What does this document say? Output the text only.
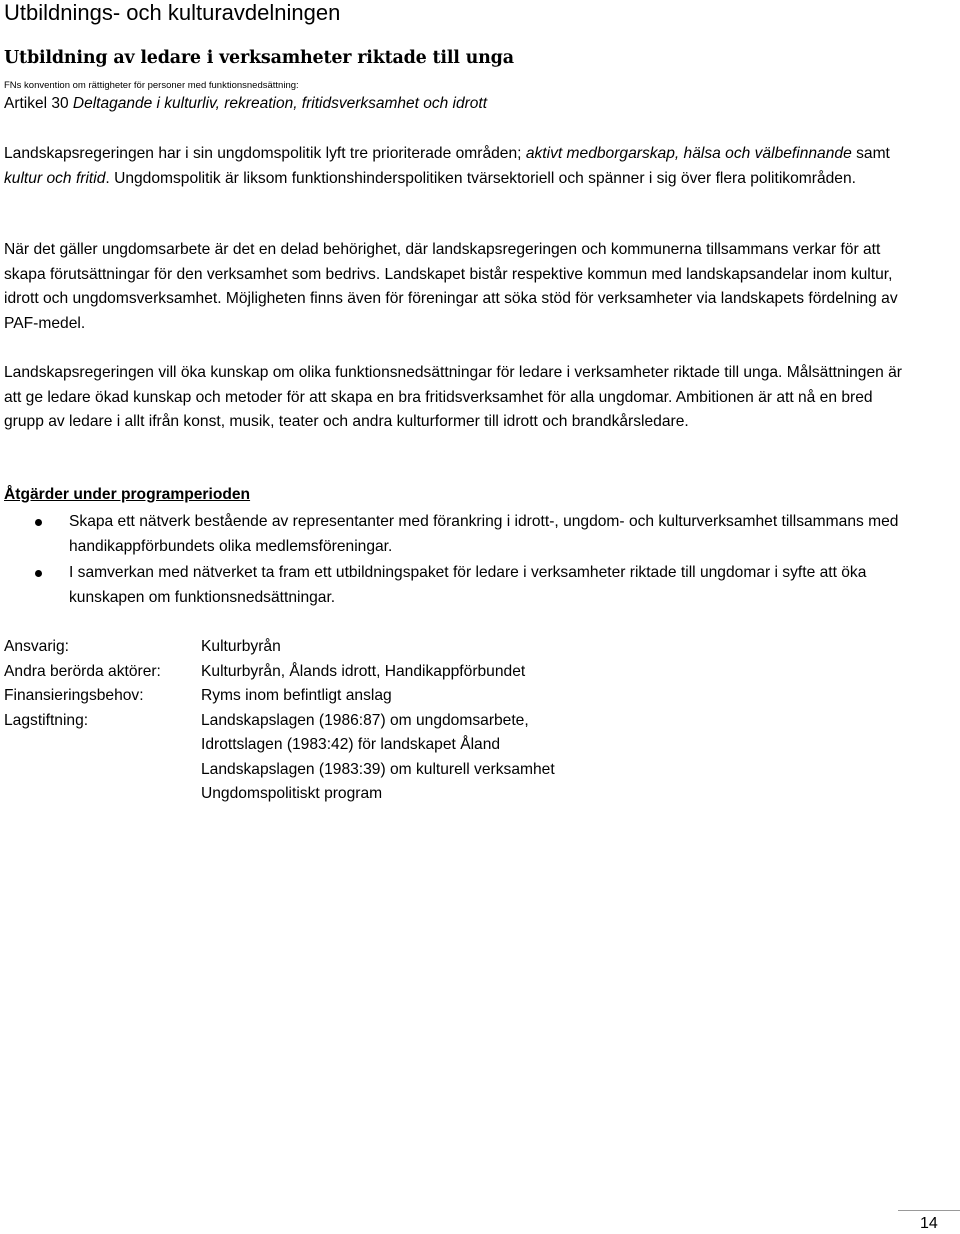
Utbildnings- och kulturavdelningen
Utbildning av ledare i verksamheter riktade till unga
FNs konvention om rättigheter för personer med funktionsnedsättning:
Artikel 30 Deltagande i kulturliv, rekreation, fritidsverksamhet och idrott

Landskapsregeringen har i sin ungdomspolitik lyft tre prioriterade områden; aktivt medborgarskap, hälsa och välbefinnande samt kultur och fritid. Ungdomspolitik är liksom funktionshinderspolitiken tvärsektoriell och spänner i sig över flera politikområden.

När det gäller ungdomsarbete är det en delad behörighet, där landskapsregeringen och kommunerna tillsammans verkar för att skapa förutsättningar för den verksamhet som bedrivs. Landskapet bistår respektive kommun med landskapsandelar inom kultur, idrott och ungdomsverksamhet. Möjligheten finns även för föreningar att söka stöd för verksamheter via landskapets fördelning av PAF-medel.

Landskapsregeringen vill öka kunskap om olika funktionsnedsättningar för ledare i verksamheter riktade till unga. Målsättningen är att ge ledare ökad kunskap och metoder för att skapa en bra fritidsverksamhet för alla ungdomar. Ambitionen är att nå en bred grupp av ledare i allt ifrån konst, musik, teater och andra kulturformer till idrott och brandkårsledare.

Åtgärder under programperioden
Skapa ett nätverk bestående av representanter med förankring i idrott-, ungdom- och kulturverksamhet tillsammans med handikappförbundets olika medlemsföreningar.
I samverkan med nätverket ta fram ett utbildningspaket för ledare i verksamheter riktade till ungdomar i syfte att öka kunskapen om funktionsnedsättningar.
Ansvarig:	Kulturbyrån
Andra berörda aktörer:	Kulturbyrån, Ålands idrott, Handikappförbundet
Finansieringsbehov:	Ryms inom befintligt anslag
Lagstiftning:	Landskapslagen (1986:87) om ungdomsarbete,
Idrottslagen (1983:42) för landskapet Åland
Landskapslagen (1983:39) om kulturell verksamhet
Ungdomspolitiskt program
14
